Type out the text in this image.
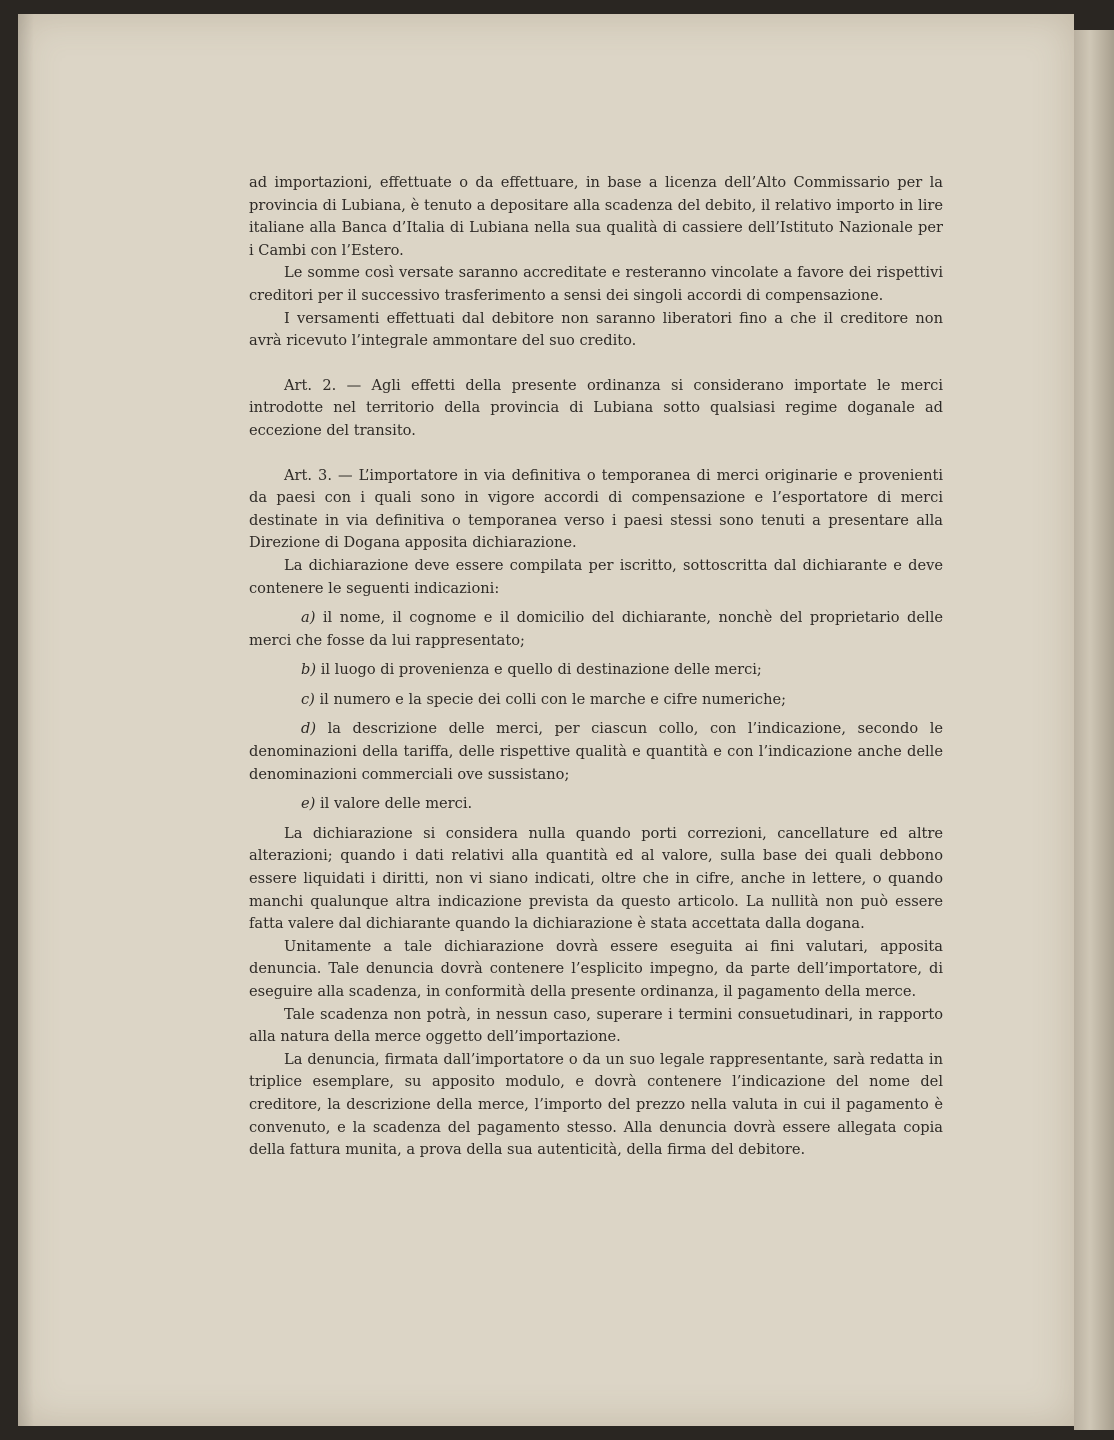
ad importazioni, effettuate o da effettuare, in base a licenza dell’Alto Commissario per la provincia di Lubiana, è tenuto a depositare alla scadenza del debito, il relativo importo in lire italiane alla Banca d’Italia di Lubiana nella sua qualità di cassiere dell’Istituto Nazionale per i Cambi con l’Estero.

Le somme così versate saranno accreditate e resteranno vincolate a favore dei rispettivi creditori per il successivo trasferimento a sensi dei singoli accordi di compensazione.

I versamenti effettuati dal debitore non saranno liberatori fino a che il creditore non avrà ricevuto l’integrale ammontare del suo credito.

Art. 2. — Agli effetti della presente ordinanza si considerano importate le merci introdotte nel territorio della provincia di Lubiana sotto qualsiasi regime doganale ad eccezione del transito.

Art. 3. — L’importatore in via definitiva o temporanea di merci originarie e provenienti da paesi con i quali sono in vigore accordi di compensazione e l’esportatore di merci destinate in via definitiva o temporanea verso i paesi stessi sono tenuti a presentare alla Direzione di Dogana apposita dichiarazione.

La dichiarazione deve essere compilata per iscritto, sottoscritta dal dichiarante e deve contenere le seguenti indicazioni:

a) il nome, il cognome e il domicilio del dichiarante, nonchè del proprietario delle merci che fosse da lui rappresentato;

b) il luogo di provenienza e quello di destinazione delle merci;

c) il numero e la specie dei colli con le marche e cifre numeriche;

d) la descrizione delle merci, per ciascun collo, con l’indicazione, secondo le denominazioni della tariffa, delle rispettive qualità e quantità e con l’indicazione anche delle denominazioni commerciali ove sussistano;

e) il valore delle merci.

La dichiarazione si considera nulla quando porti correzioni, cancellature ed altre alterazioni; quando i dati relativi alla quantità ed al valore, sulla base dei quali debbono essere liquidati i diritti, non vi siano indicati, oltre che in cifre, anche in lettere, o quando manchi qualunque altra indicazione prevista da questo articolo. La nullità non può essere fatta valere dal dichiarante quando la dichiarazione è stata accettata dalla dogana.

Unitamente a tale dichiarazione dovrà essere eseguita ai fini valutari, apposita denuncia. Tale denuncia dovrà contenere l’esplicito impegno, da parte dell’importatore, di eseguire alla scadenza, in conformità della presente ordinanza, il pagamento della merce.

Tale scadenza non potrà, in nessun caso, superare i termini consuetudinari, in rapporto alla natura della merce oggetto dell’importazione.

La denuncia, firmata dall’importatore o da un suo legale rappresentante, sarà redatta in triplice esemplare, su apposito modulo, e dovrà contenere l’indicazione del nome del creditore, la descrizione della merce, l’importo del prezzo nella valuta in cui il pagamento è convenuto, e la scadenza del pagamento stesso. Alla denuncia dovrà essere allegata copia della fattura munita, a prova della sua autenticità, della firma del debitore.
